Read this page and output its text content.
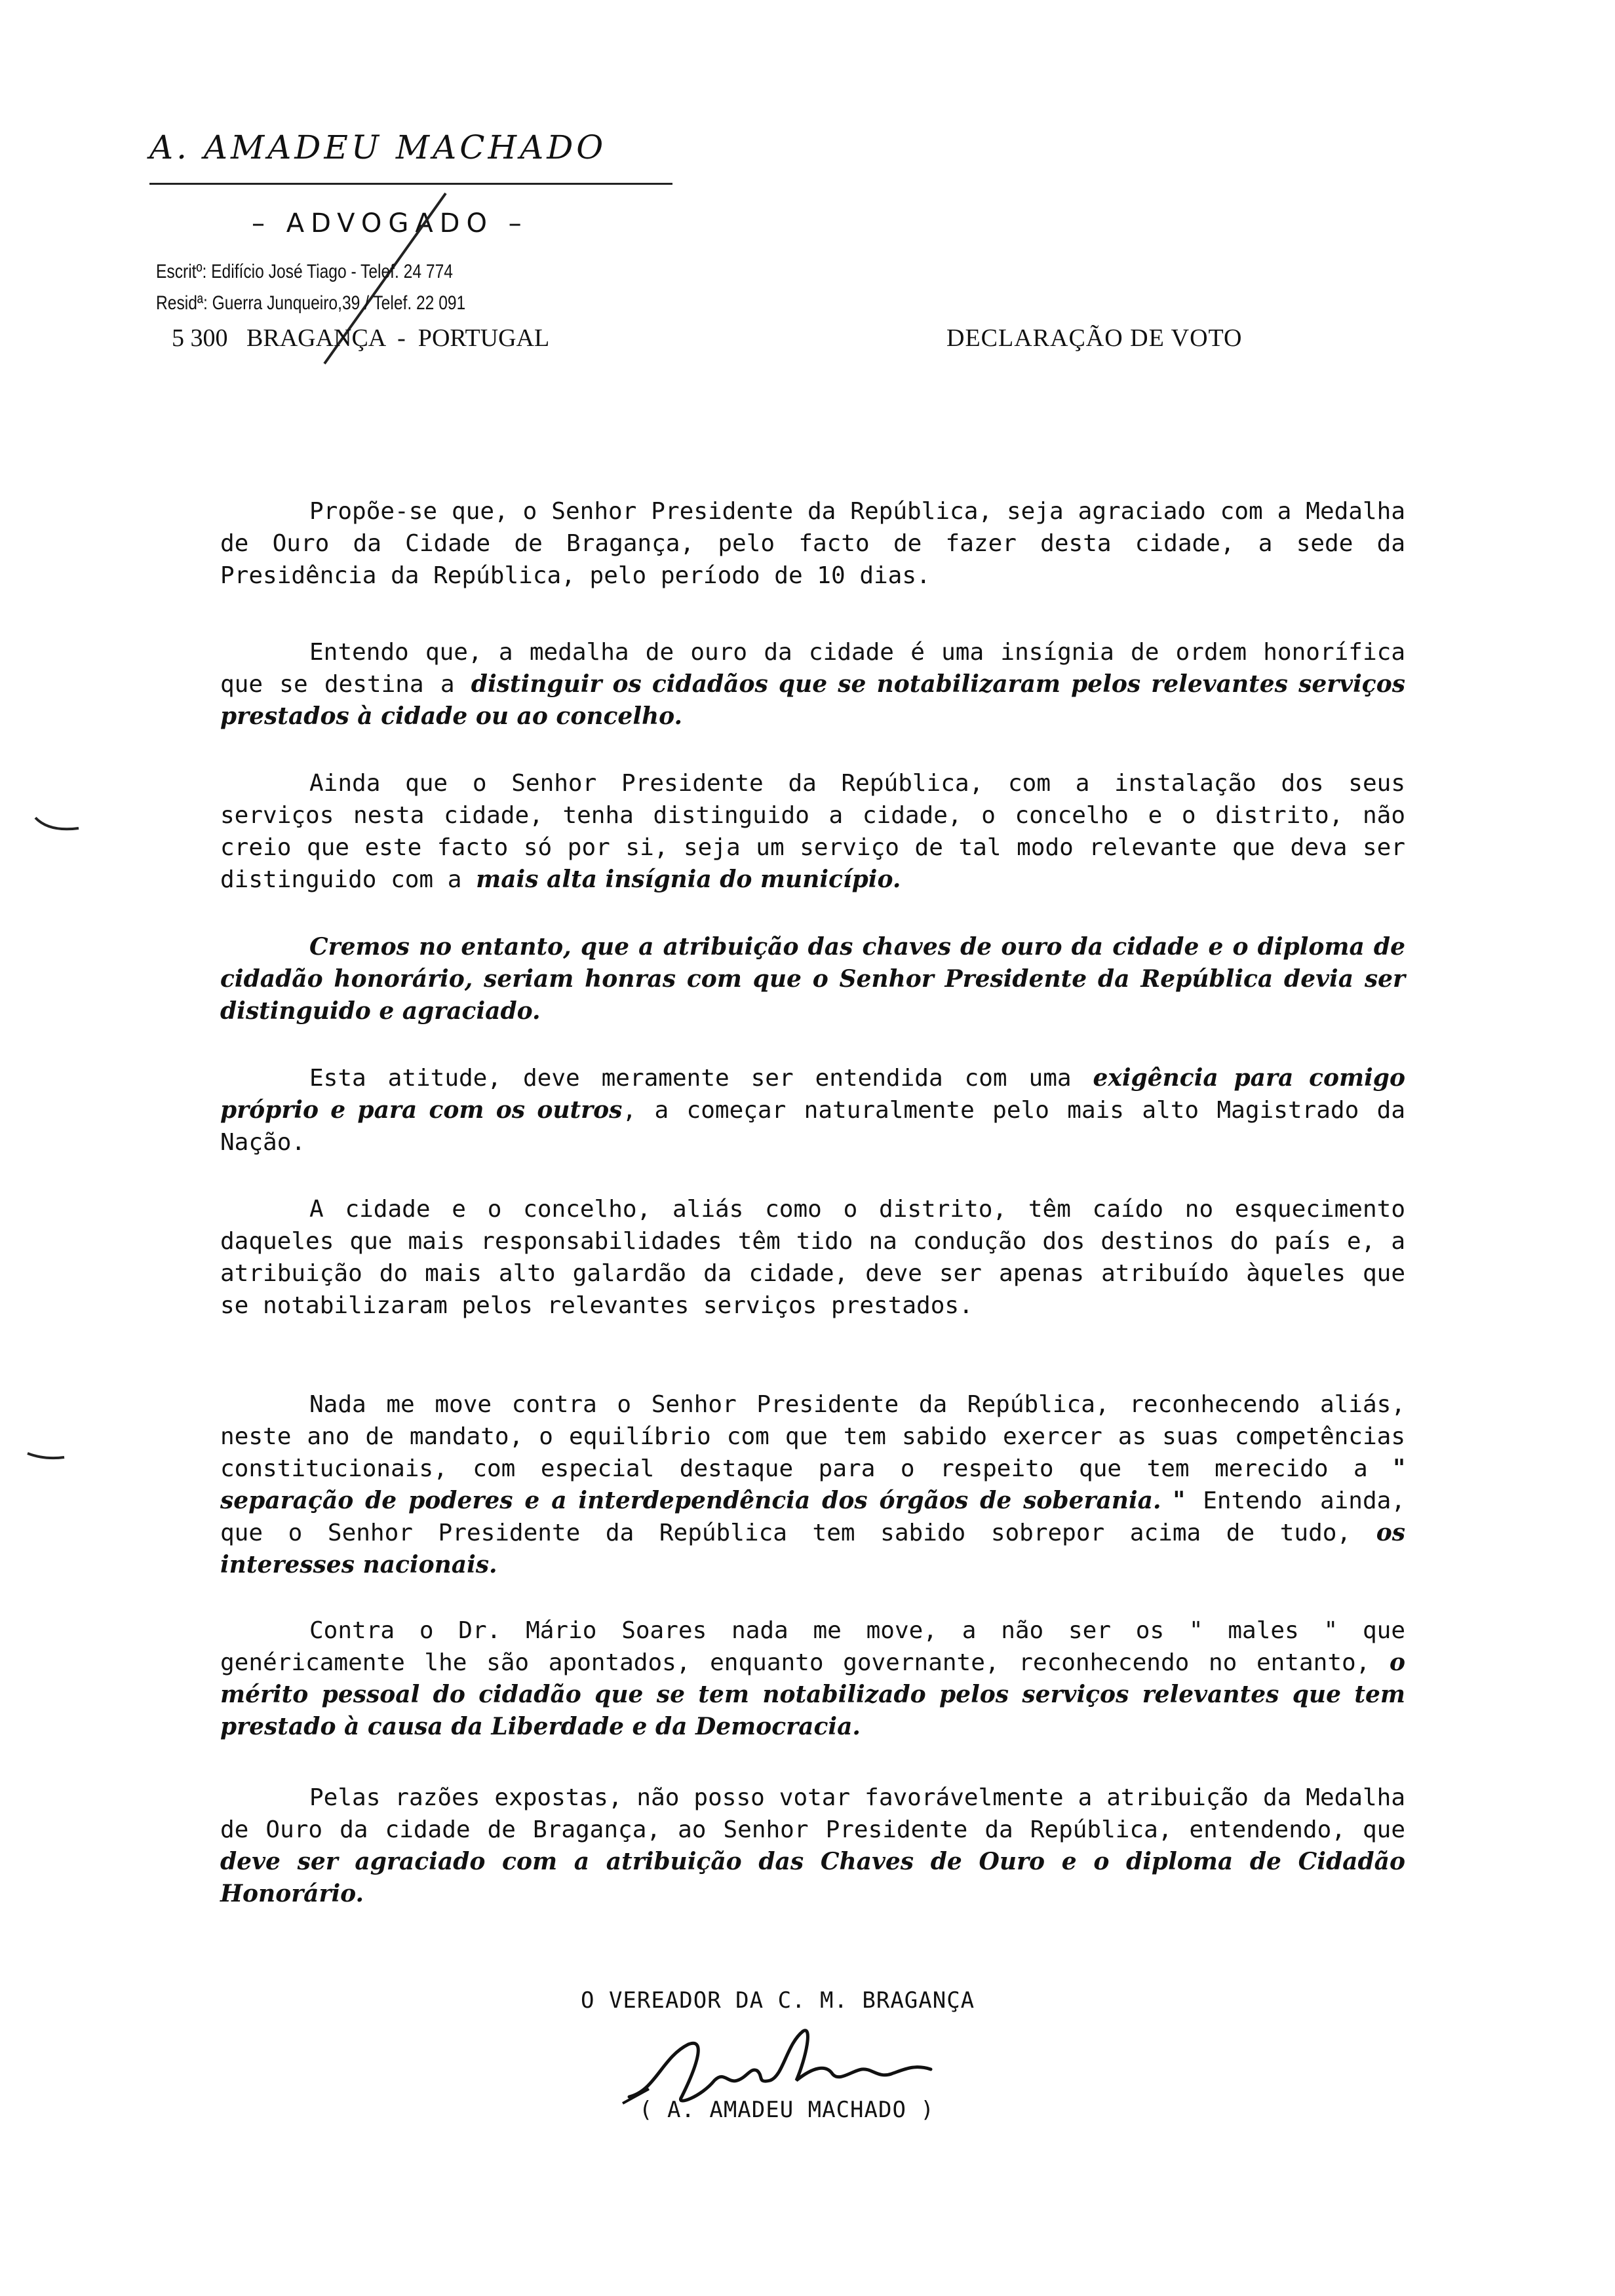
A. AMADEU MACHADO
– ADVOGADO –
Escritº: Edifício José Tiago - Telef. 24 774
Residª: Guerra Junqueiro,39 / Telef. 22 091
5 300   BRAGANÇA  -  PORTUGAL	DECLARAÇÃO DE VOTO

Propõe-se que, o Senhor Presidente da República, seja agraciado com a Medalha de Ouro da Cidade de Bragança, pelo facto de fazer desta cidade, a sede da Presidência da República, pelo período de 10 dias.

Entendo que, a medalha de ouro da cidade é uma insígnia de ordem honorífica que se destina a distinguir os cidadãos que se notabilizaram pelos relevantes serviços prestados à cidade ou ao concelho.

Ainda que o Senhor Presidente da República, com a instalação dos seus serviços nesta cidade, tenha distinguido a cidade, o concelho e o distrito, não creio que este facto só por si, seja um serviço de tal modo relevante que deva ser distinguido com a mais alta insígnia do município.

Cremos no entanto, que a atribuição das chaves de ouro da cidade e o diploma de cidadão honorário, seriam honras com que o Senhor Presidente da República devia ser distinguido e agraciado.

Esta atitude, deve meramente ser entendida com uma exigência para comigo próprio e para com os outros, a começar naturalmente pelo mais alto Magistrado da Nação.

A cidade e o concelho, aliás como o distrito, têm caído no esquecimento daqueles que mais responsabilidades têm tido na condução dos destinos do país e, a atribuição do mais alto galardão da cidade, deve ser apenas atribuído àqueles que se notabilizaram pelos relevantes serviços prestados.

Nada me move contra o Senhor Presidente da República, reconhecendo aliás, neste ano de mandato, o equilíbrio com que tem sabido exercer as suas competências constitucionais, com especial destaque para o respeito que tem merecido a " separação de poderes e a interdependência dos órgãos de soberania. " Entendo ainda, que o Senhor Presidente da República tem sabido sobrepor acima de tudo, os interesses nacionais.

Contra o Dr. Mário Soares nada me move, a não ser os " males " que genéricamente lhe são apontados, enquanto governante, reconhecendo no entanto, o mérito pessoal do cidadão que se tem notabilizado pelos serviços relevantes que tem prestado à causa da Liberdade e da Democracia.

Pelas razões expostas, não posso votar favorávelmente a atribuição da Medalha de Ouro da cidade de Bragança, ao Senhor Presidente da República, entendendo, que deve ser agraciado com a atribuição das Chaves de Ouro e o diploma de Cidadão Honorário.

O VEREADOR DA C. M. BRAGANÇA
( A. AMADEU MACHADO )
